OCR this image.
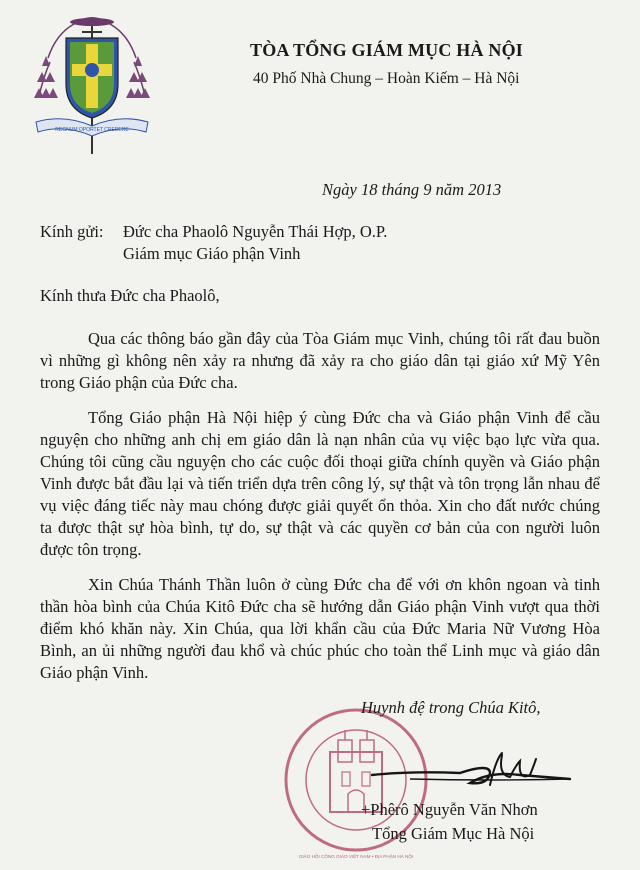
REGNUM OPORTET CREDERE
TÒA TỔNG GIÁM MỤC HÀ NỘI
40 Phố Nhà Chung – Hoàn Kiếm – Hà Nội
Ngày 18 tháng 9 năm 2013
Kính gửi:	Đức cha Phaolô Nguyễn Thái Hợp, O.P.
Giám mục Giáo phận Vinh
Kính thưa Đức cha Phaolô,
Qua các thông báo gần đây của Tòa Giám mục Vinh, chúng tôi rất đau buồn vì những gì không nên xảy ra nhưng đã xảy ra cho giáo dân tại giáo xứ Mỹ Yên trong Giáo phận của Đức cha.
Tổng Giáo phận Hà Nội hiệp ý cùng Đức cha và Giáo phận Vinh để cầu nguyện cho những anh chị em giáo dân là nạn nhân của vụ việc bạo lực vừa qua. Chúng tôi cũng cầu nguyện cho các cuộc đối thoại giữa chính quyền và Giáo phận Vinh được bắt đầu lại và tiến triển dựa trên công lý, sự thật và tôn trọng lẫn nhau để vụ việc đáng tiếc này mau chóng được giải quyết ổn thỏa. Xin cho đất nước chúng ta được thật sự hòa bình, tự do, sự thật và các quyền cơ bản của con người luôn được tôn trọng.
Xin Chúa Thánh Thần luôn ở cùng Đức cha để với ơn khôn ngoan và tinh thần hòa bình của Chúa Kitô Đức cha sẽ hướng dẫn Giáo phận Vinh vượt qua thời điểm khó khăn này. Xin Chúa, qua lời khẩn cầu của Đức Maria Nữ Vương Hòa Bình, an ủi những người đau khổ và chúc phúc cho toàn thể Linh mục và giáo dân Giáo phận Vinh.
GIÁO HỘI CÔNG GIÁO VIỆT NAM • ĐỊA PHẬN HÀ NỘI
Huynh đệ trong Chúa Kitô,
+Phêrô Nguyễn Văn Nhơn
Tổng Giám Mục Hà Nội
